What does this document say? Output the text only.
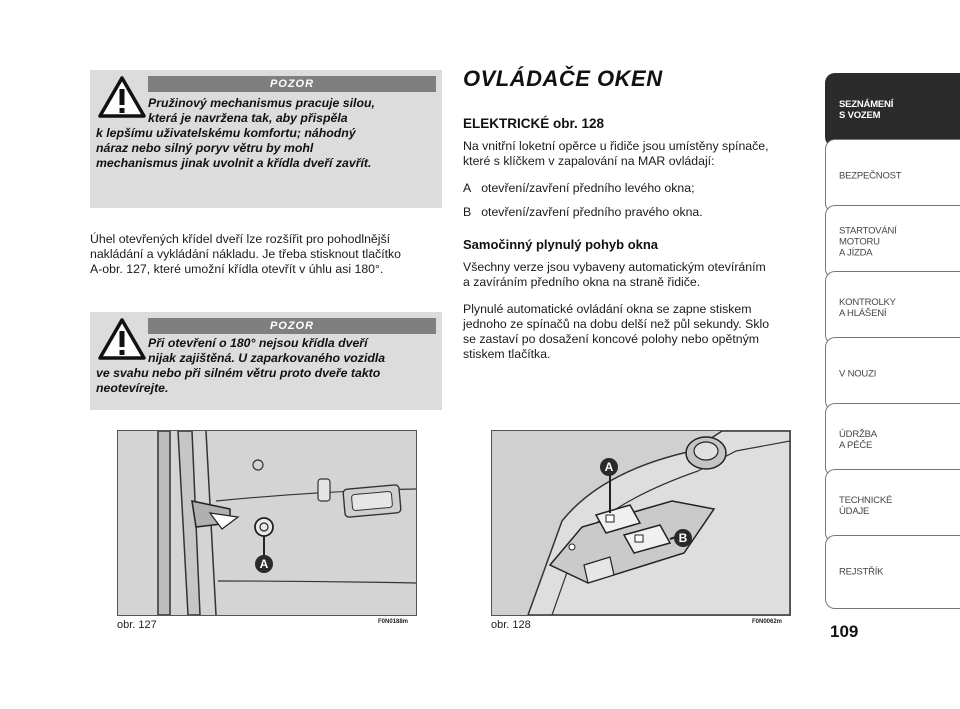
POZOR
Pružinový mechanismus pracuje silou,
která je navržena tak, aby přispěla
k lepšímu uživatelskému komfortu; náhodný
náraz nebo silný poryv větru by mohl
mechanismus jinak uvolnit a křídla dveří zavřít.
Úhel otevřených křídel dveří lze rozšířit pro pohodlnější
nakládání a vykládání nákladu. Je třeba stisknout tlačítko
A-obr. 127, které umožní křídla otevřít v úhlu asi 180°.
POZOR
Při otevření o 180° nejsou křídla dveří
nijak zajištěná. U zaparkovaného vozidla
ve svahu nebo při silném větru proto dveře takto
neotevírejte.
OVLÁDAČE OKEN
ELEKTRICKÉ obr. 128
Na vnitřní loketní opěrce u řidiče jsou umístěny spínače,
které s klíčkem v zapalování na MAR ovládají:
A otevření/zavření předního levého okna;
B otevření/zavření předního pravého okna.
Samočinný plynulý pohyb okna
Všechny verze jsou vybaveny automatickým otevíráním
a zavíráním předního okna na straně řidiče.
Plynulé automatické ovládání okna se zapne stiskem
jednoho ze spínačů na dobu delší než půl sekundy. Sklo
se zastaví po dosažení koncové polohy nebo opětným
stiskem tlačítka.
A
obr. 127	F0N0188m
A
B
obr. 128	F0N0062m
SEZNÁMENÍ
S VOZEM
BEZPEČNOST
STARTOVÁNÍ
MOTORU
A JÍZDA
KONTROLKY
A HLÁŠENÍ
V NOUZI
ÚDRŽBA
A PÉČE
TECHNICKÉ
ÚDAJE
REJSTŘÍK
109
